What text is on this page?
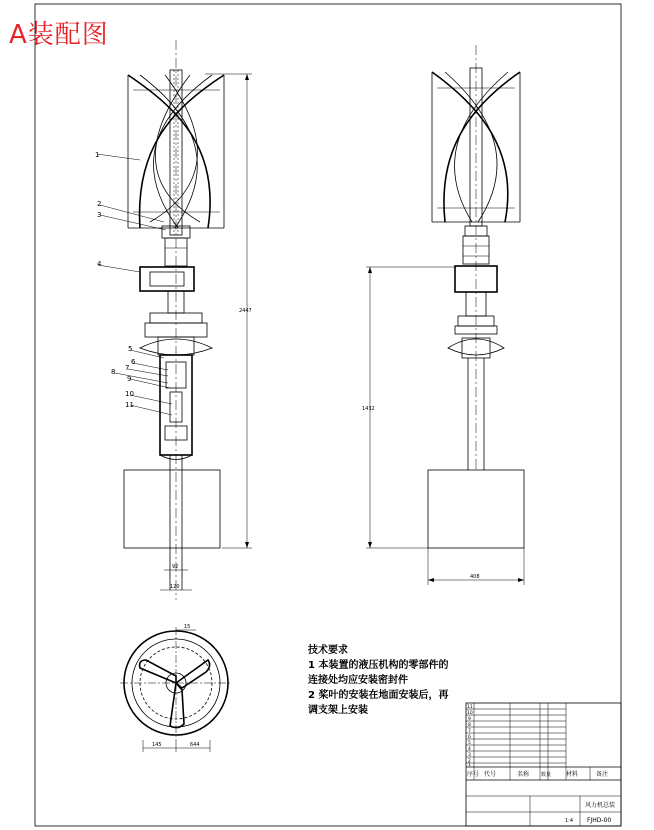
A装配图
1
2
3
4
5
6
7
8
9
10
11
2447
92
120
1432
408
15
145	644
11
10
9
8
7
6
5
4
3
2
1
序号 代号	名称 数量 材料	备注
风力机总装
FJHD-00
1:4
技术要求
1 本装置的液压机构的零部件的
连接处均应安装密封件
2 桨叶的安装在地面安装后，再
调支架上安装
